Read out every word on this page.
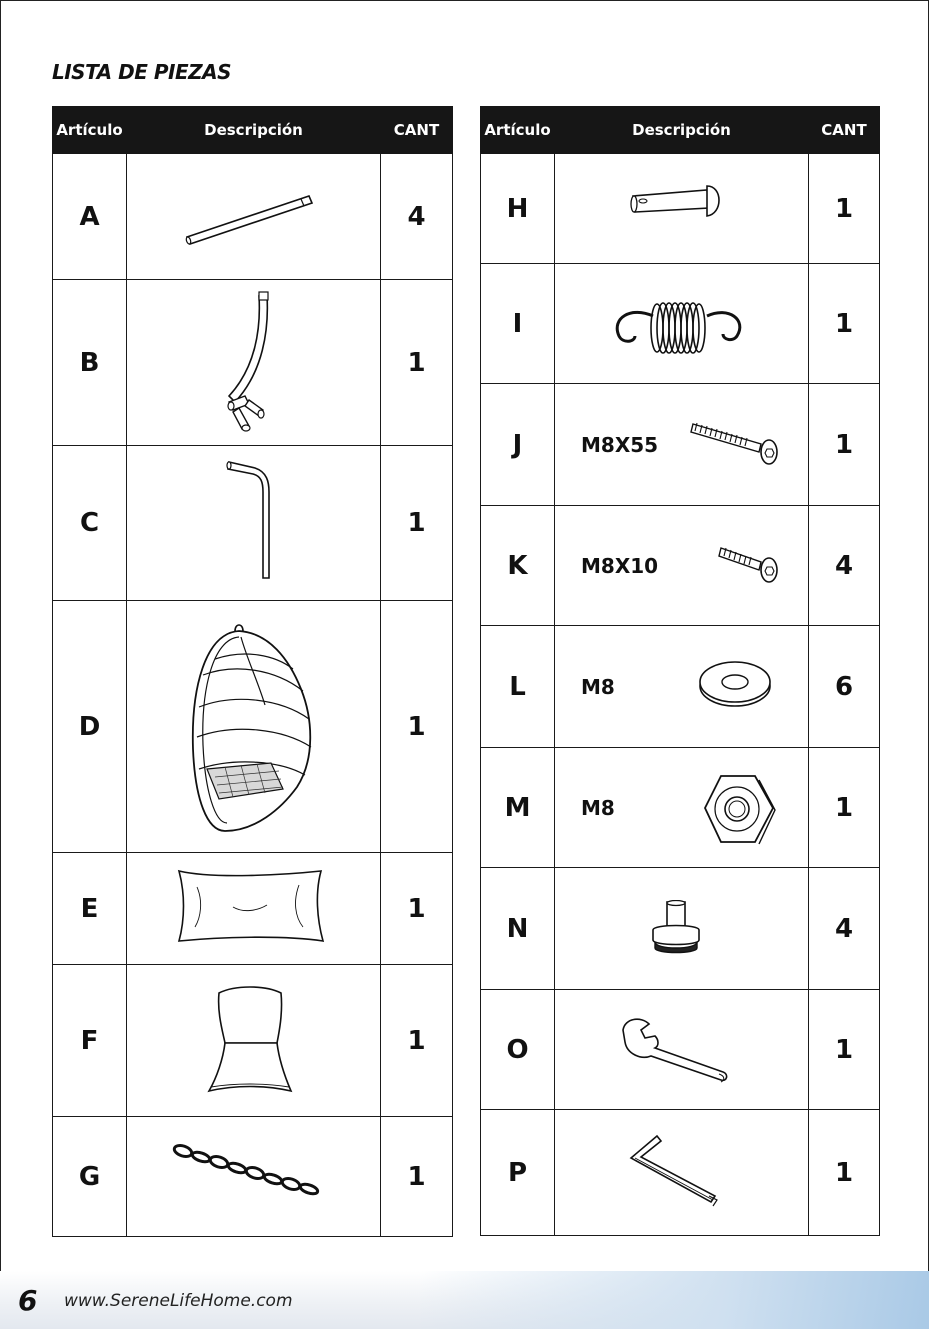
LISTA DE PIEZAS
Artículo	Descripción	CANT
A		4
B		1
C		1
D		1
E		1
F		1
G		1
Artículo	Descripción	CANT
H		1
I		1
J	M8X55	1
K	M8X10	4
L	M8	6
M	M8	1
N		4
O		1
P		1
6 www.SereneLifeHome.com
